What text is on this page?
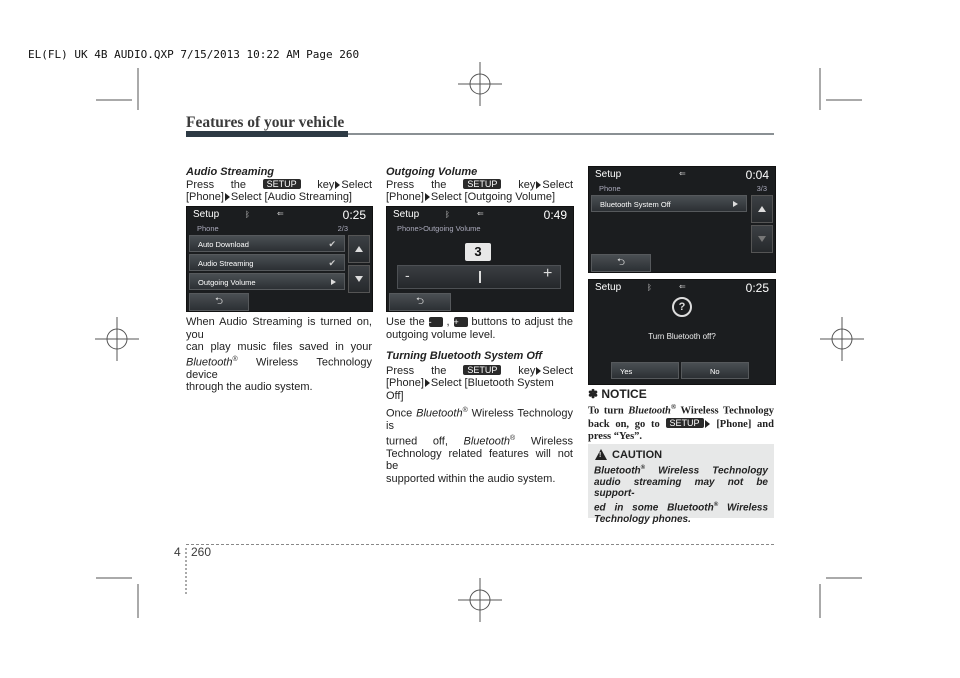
EL(FL) UK 4B AUDIO.QXP 7/15/2013 10:22 AM Page 260
Features of your vehicle
Audio Streaming
Press the SETUP key Select
[Phone] Select [Audio Streaming]
Setup	ᛒ	⇐	0:25
Phone	2/3
Auto Download	✔
Audio Streaming	✔
Outgoing Volume
⮌
When Audio Streaming is turned on, you
can play music files saved in your
Bluetooth® Wireless Technology device
through the audio system.
Outgoing Volume
Press the SETUP key Select
[Phone] Select [Outgoing Volume]
Setup	ᛒ	⇐	0:49
Phone>Outgoing Volume
3
-	+
⮌
Use the - , + buttons to adjust the
outgoing volume level.
Turning Bluetooth System Off
Press the SETUP key Select
[Phone] Select [Bluetooth System Off]
Once Bluetooth® Wireless Technology is
turned off, Bluetooth® Wireless
Technology related features will not be
supported within the audio system.
Setup	⇐	0:04
Phone	3/3
Bluetooth System Off
⮌
Setup	ᛒ	⇐	0:25
?
Turn Bluetooth off?
Yes	No
✽ NOTICE
To turn Bluetooth® Wireless Technology
back on, go to SETUP [Phone] and
press “Yes”.
! CAUTION
Bluetooth® Wireless Technology
audio streaming may not be support-
ed in some Bluetooth® Wireless
Technology phones.
4 260
